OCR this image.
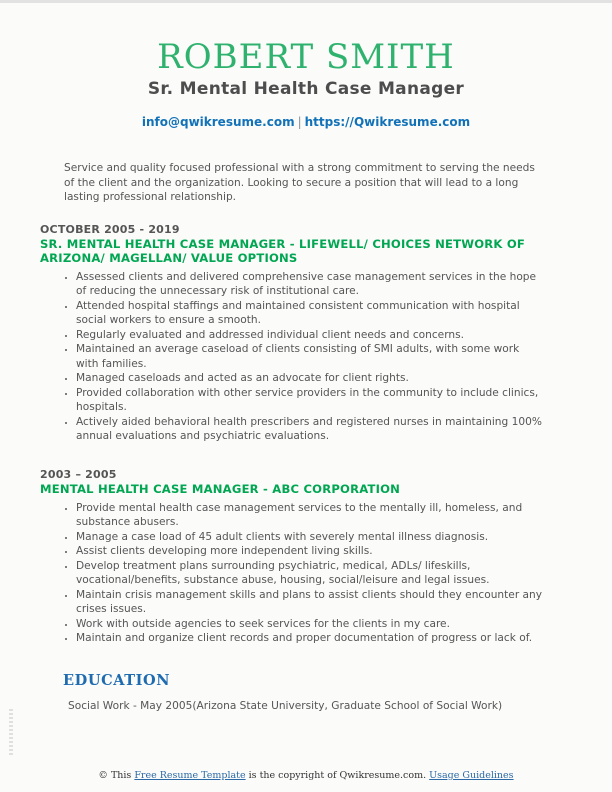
ROBERT SMITH
Sr. Mental Health Case Manager
info@qwikresume.com | https://Qwikresume.com

Service and quality focused professional with a strong commitment to serving the needs of the client and the organization. Looking to secure a position that will lead to a long lasting professional relationship.

OCTOBER 2005 - 2019
SR. MENTAL HEALTH CASE MANAGER - LIFEWELL/ CHOICES NETWORK OF ARIZONA/ MAGELLAN/ VALUE OPTIONS
• Assessed clients and delivered comprehensive case management services in the hope of reducing the unnecessary risk of institutional care.
• Attended hospital staffings and maintained consistent communication with hospital social workers to ensure a smooth.
• Regularly evaluated and addressed individual client needs and concerns.
• Maintained an average caseload of clients consisting of SMI adults, with some work with families.
• Managed caseloads and acted as an advocate for client rights.
• Provided collaboration with other service providers in the community to include clinics, hospitals.
• Actively aided behavioral health prescribers and registered nurses in maintaining 100% annual evaluations and psychiatric evaluations.
2003 – 2005
MENTAL HEALTH CASE MANAGER - ABC CORPORATION
• Provide mental health case management services to the mentally ill, homeless, and substance abusers.
• Manage a case load of 45 adult clients with severely mental illness diagnosis.
• Assist clients developing more independent living skills.
• Develop treatment plans surrounding psychiatric, medical, ADLs/ lifeskills, vocational/benefits, substance abuse, housing, social/leisure and legal issues.
• Maintain crisis management skills and plans to assist clients should they encounter any crises issues.
• Work with outside agencies to seek services for the clients in my care.
• Maintain and organize client records and proper documentation of progress or lack of.
EDUCATION

Social Work - May 2005(Arizona State University, Graduate School of Social Work)

© This Free Resume Template is the copyright of Qwikresume.com. Usage Guidelines
